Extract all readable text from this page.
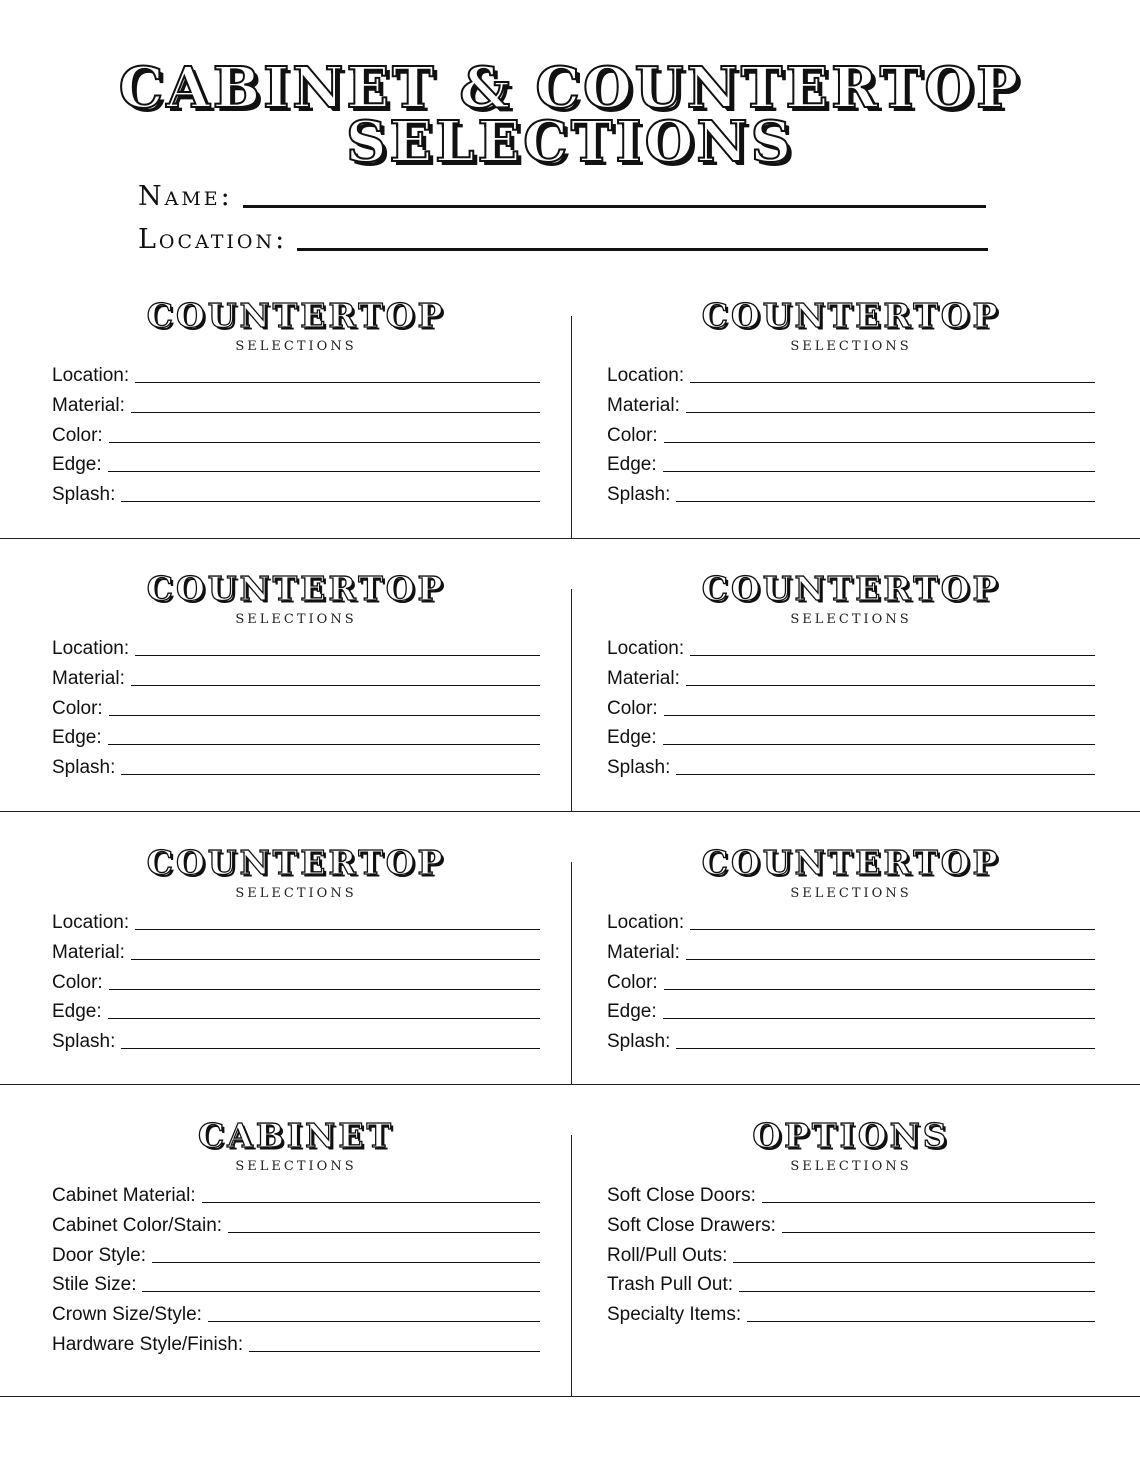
CABINET & COUNTERTOP
SELECTIONS
Name:
Location:
COUNTERTOP
SELECTIONS
Location:
Material:
Color:
Edge:
Splash:
COUNTERTOP
SELECTIONS
Location:
Material:
Color:
Edge:
Splash:
COUNTERTOP
SELECTIONS
Location:
Material:
Color:
Edge:
Splash:
COUNTERTOP
SELECTIONS
Location:
Material:
Color:
Edge:
Splash:
COUNTERTOP
SELECTIONS
Location:
Material:
Color:
Edge:
Splash:
COUNTERTOP
SELECTIONS
Location:
Material:
Color:
Edge:
Splash:
CABINET
SELECTIONS
Cabinet Material:
Cabinet Color/Stain:
Door Style:
Stile Size:
Crown Size/Style:
Hardware Style/Finish:
OPTIONS
SELECTIONS
Soft Close Doors:
Soft Close Drawers:
Roll/Pull Outs:
Trash Pull Out:
Specialty Items:
